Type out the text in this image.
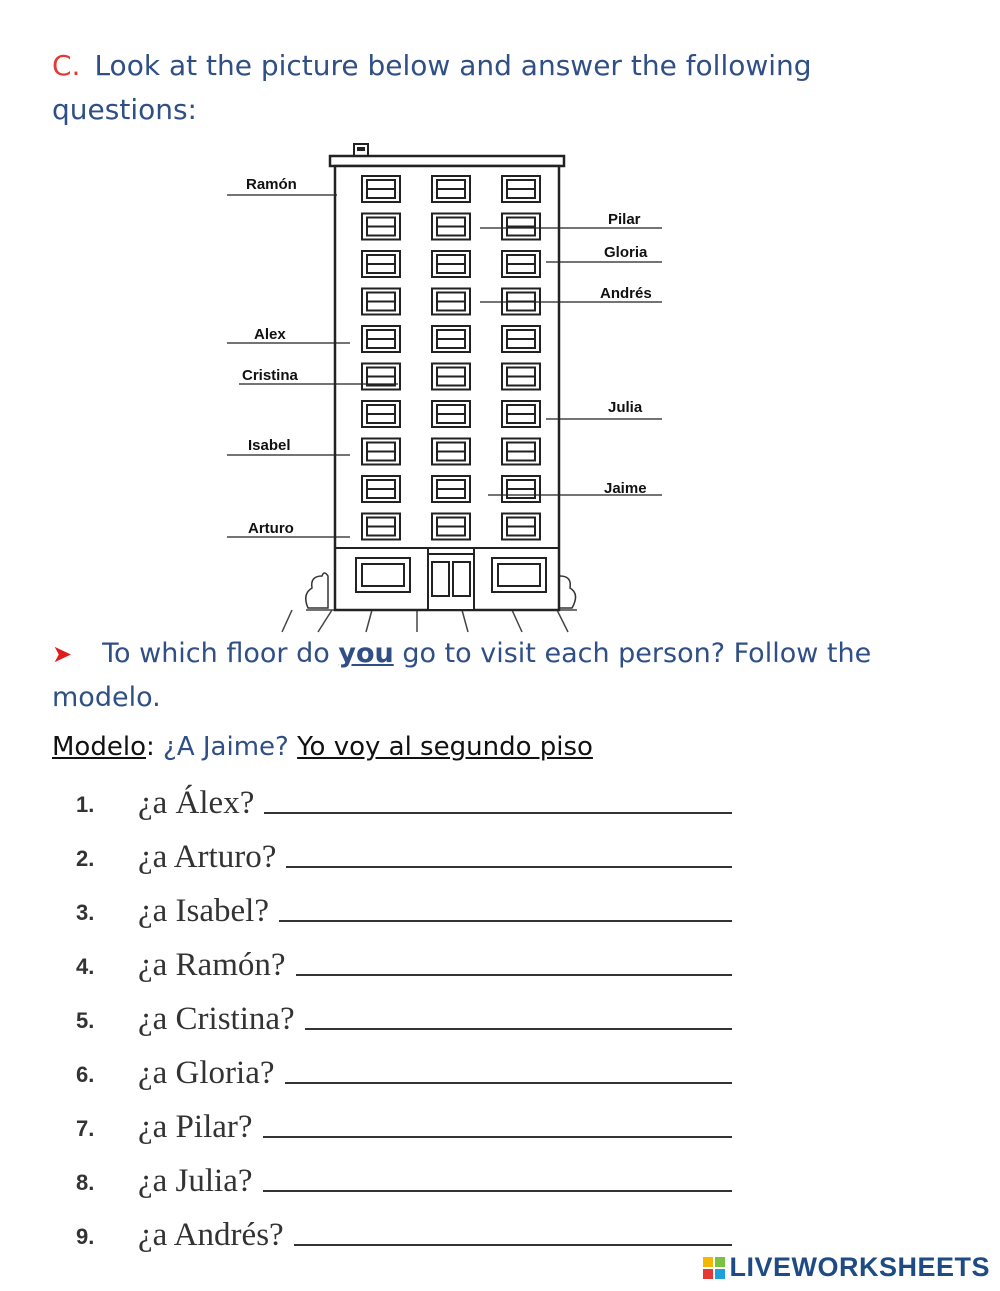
C. Look at the picture below and answer the following questions:
Ramón
Alex
Cristina
Isabel
Arturo
Pilar
Gloria
Andrés
Julia
Jaime
➤ To which floor do you go to visit each person? Follow the modelo.
Modelo: ¿A Jaime? Yo voy al segundo piso
1.	¿a Álex?
2.	¿a Arturo?
3.	¿a Isabel?
4.	¿a Ramón?
5.	¿a Cristina?
6.	¿a Gloria?
7.	¿a Pilar?
8.	¿a Julia?
9.	¿a Andrés?
LIVEWORKSHEETS
